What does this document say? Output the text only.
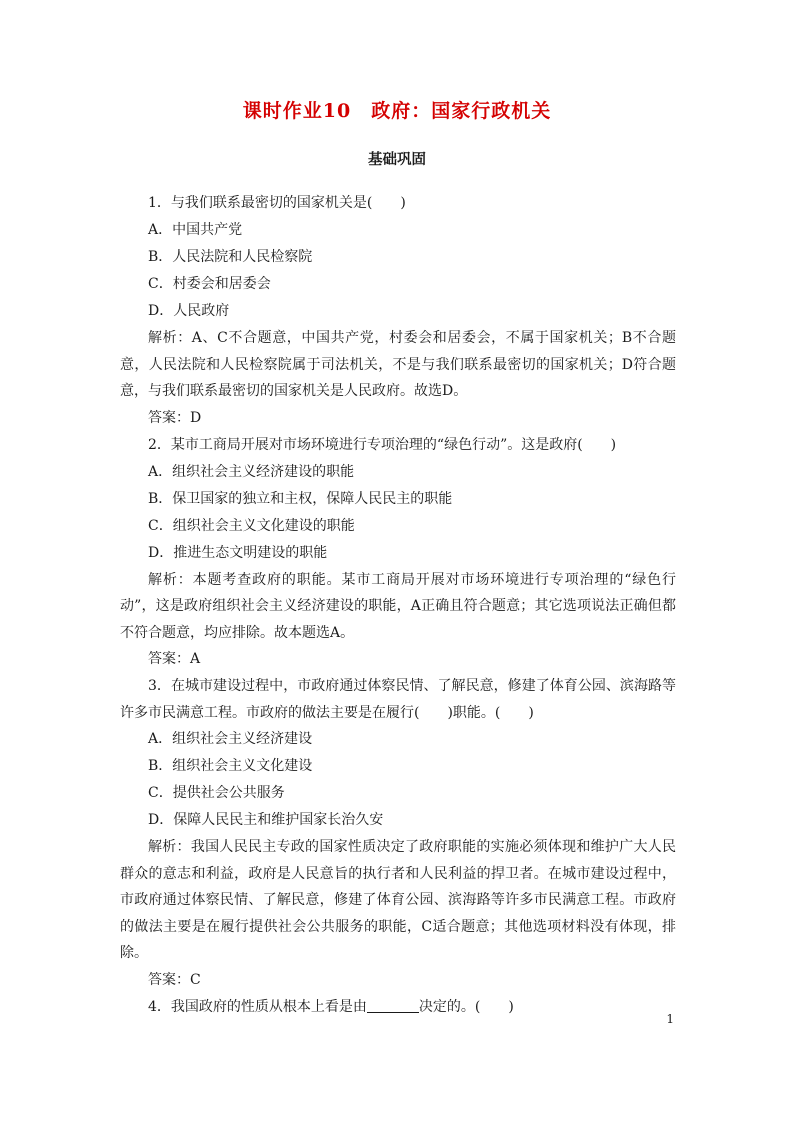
课时作业10　政府：国家行政机关
基础巩固

1．与我们联系最密切的国家机关是(　　)

A．中国共产党

B．人民法院和人民检察院

C．村委会和居委会

D．人民政府

解析：A、C不合题意，中国共产党，村委会和居委会，不属于国家机关；B不合题意，人民法院和人民检察院属于司法机关，不是与我们联系最密切的国家机关；D符合题意，与我们联系最密切的国家机关是人民政府。故选D。

答案：D

2．某市工商局开展对市场环境进行专项治理的“绿色行动”。这是政府(　　)

A．组织社会主义经济建设的职能

B．保卫国家的独立和主权，保障人民民主的职能

C．组织社会主义文化建设的职能

D．推进生态文明建设的职能

解析：本题考查政府的职能。某市工商局开展对市场环境进行专项治理的“绿色行动”，这是政府组织社会主义经济建设的职能，A正确且符合题意；其它选项说法正确但都不符合题意，均应排除。故本题选A。

答案：A

3．在城市建设过程中，市政府通过体察民情、了解民意，修建了体育公园、滨海路等许多市民满意工程。市政府的做法主要是在履行(　　)职能。(　　)

A．组织社会主义经济建设

B．组织社会主义文化建设

C．提供社会公共服务

D．保障人民民主和维护国家长治久安

解析：我国人民民主专政的国家性质决定了政府职能的实施必须体现和维护广大人民群众的意志和利益，政府是人民意旨的执行者和人民利益的捍卫者。在城市建设过程中，市政府通过体察民情、了解民意，修建了体育公园、滨海路等许多市民满意工程。市政府的做法主要是在履行提供社会公共服务的职能，C适合题意；其他选项材料没有体现，排除。

答案：C

4．我国政府的性质从根本上看是由	决定的。(　　)

1
